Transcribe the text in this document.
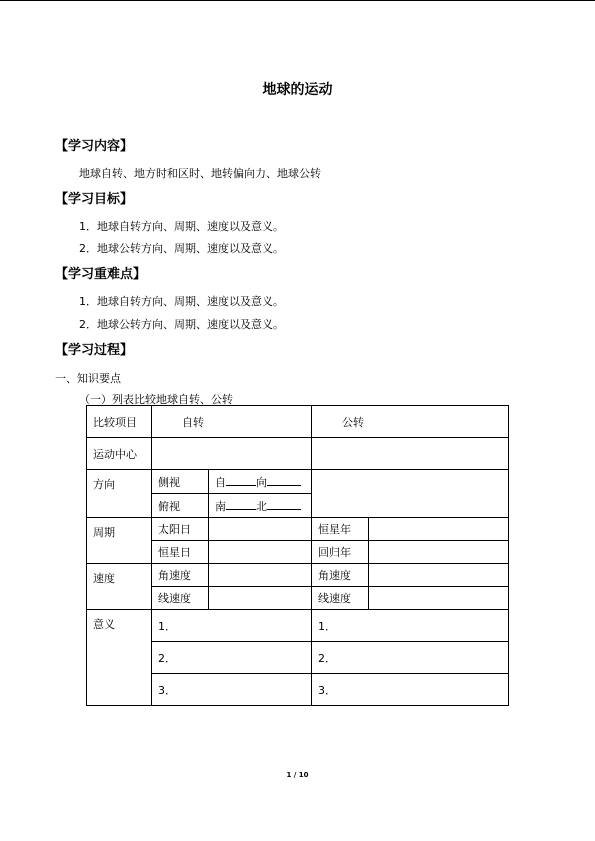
地球的运动
【学习内容】
地球自转、地方时和区时、地转偏向力、地球公转
【学习目标】
1．地球自转方向、周期、速度以及意义。
2．地球公转方向、周期、速度以及意义。
【学习重难点】
1．地球自转方向、周期、速度以及意义。
2．地球公转方向、周期、速度以及意义。
【学习过程】
一、知识要点
（一）列表比较地球自转、公转
比较项目	自转		公转	
运动中心				
方向	侧视	自 向		
	俯视	南 北		
周期	太阳日		恒星年	
	恒星日		回归年	
速度	角速度		角速度	
	线速度		线速度	
意义	1．		1．	
	2．		2．	
	3．		3．	
1 / 10
